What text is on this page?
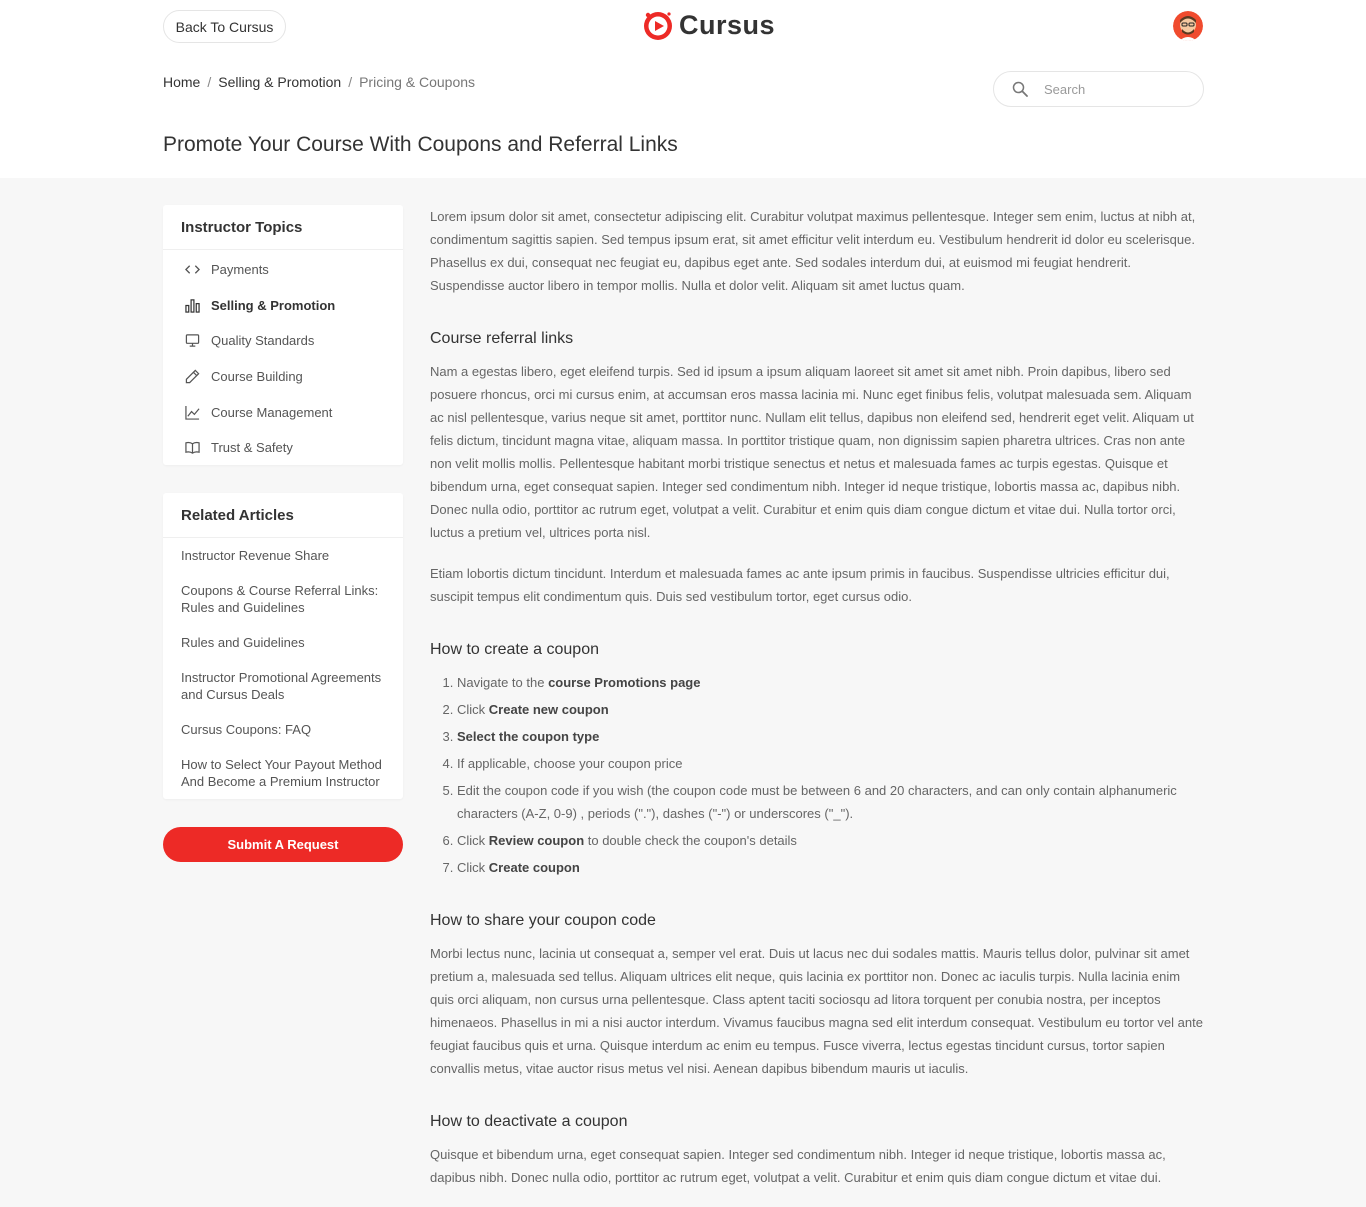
Back To Cursus	Cursus
Home / Selling & Promotion / Pricing & Coupons
Search
Promote Your Course With Coupons and Referral Links
Instructor Topics
Payments
Selling & Promotion
Quality Standards
Course Building
Course Management
Trust & Safety
Related Articles
Instructor Revenue Share
Coupons & Course Referral Links: Rules and Guidelines
Rules and Guidelines
Instructor Promotional Agreements and Cursus Deals
Cursus Coupons: FAQ
How to Select Your Payout Method And Become a Premium Instructor
Submit A Request

Lorem ipsum dolor sit amet, consectetur adipiscing elit. Curabitur volutpat maximus pellentesque. Integer sem enim, luctus at nibh at, condimentum sagittis sapien. Sed tempus ipsum erat, sit amet efficitur velit interdum eu. Vestibulum hendrerit id dolor eu scelerisque. Phasellus ex dui, consequat nec feugiat eu, dapibus eget ante. Sed sodales interdum dui, at euismod mi feugiat hendrerit. Suspendisse auctor libero in tempor mollis. Nulla et dolor velit. Aliquam sit amet luctus quam.

Course referral links

Nam a egestas libero, eget eleifend turpis. Sed id ipsum a ipsum aliquam laoreet sit amet sit amet nibh. Proin dapibus, libero sed posuere rhoncus, orci mi cursus enim, at accumsan eros massa lacinia mi. Nunc eget finibus felis, volutpat malesuada sem. Aliquam ac nisl pellentesque, varius neque sit amet, porttitor nunc. Nullam elit tellus, dapibus non eleifend sed, hendrerit eget velit. Aliquam ut felis dictum, tincidunt magna vitae, aliquam massa. In porttitor tristique quam, non dignissim sapien pharetra ultrices. Cras non ante non velit mollis mollis. Pellentesque habitant morbi tristique senectus et netus et malesuada fames ac turpis egestas. Quisque et bibendum urna, eget consequat sapien. Integer sed condimentum nibh. Integer id neque tristique, lobortis massa ac, dapibus nibh. Donec nulla odio, porttitor ac rutrum eget, volutpat a velit. Curabitur et enim quis diam congue dictum et vitae dui. Nulla tortor orci, luctus a pretium vel, ultrices porta nisl.

Etiam lobortis dictum tincidunt. Interdum et malesuada fames ac ante ipsum primis in faucibus. Suspendisse ultricies efficitur dui, suscipit tempus elit condimentum quis. Duis sed vestibulum tortor, eget cursus odio.

How to create a coupon
1. Navigate to the course Promotions page
2. Click Create new coupon
3. Select the coupon type
4. If applicable, choose your coupon price
5. Edit the coupon code if you wish (the coupon code must be between 6 and 20 characters, and can only contain alphanumeric characters (A-Z, 0-9) , periods ("."), dashes ("-") or underscores ("_").
6. Click Review coupon to double check the coupon's details
7. Click Create coupon
How to share your coupon code

Morbi lectus nunc, lacinia ut consequat a, semper vel erat. Duis ut lacus nec dui sodales mattis. Mauris tellus dolor, pulvinar sit amet pretium a, malesuada sed tellus. Aliquam ultrices elit neque, quis lacinia ex porttitor non. Donec ac iaculis turpis. Nulla lacinia enim quis orci aliquam, non cursus urna pellentesque. Class aptent taciti sociosqu ad litora torquent per conubia nostra, per inceptos himenaeos. Phasellus in mi a nisi auctor interdum. Vivamus faucibus magna sed elit interdum consequat. Vestibulum eu tortor vel ante feugiat faucibus quis et urna. Quisque interdum ac enim eu tempus. Fusce viverra, lectus egestas tincidunt cursus, tortor sapien convallis metus, vitae auctor risus metus vel nisi. Aenean dapibus bibendum mauris ut iaculis.

How to deactivate a coupon

Quisque et bibendum urna, eget consequat sapien. Integer sed condimentum nibh. Integer id neque tristique, lobortis massa ac, dapibus nibh. Donec nulla odio, porttitor ac rutrum eget, volutpat a velit. Curabitur et enim quis diam congue dictum et vitae dui.
